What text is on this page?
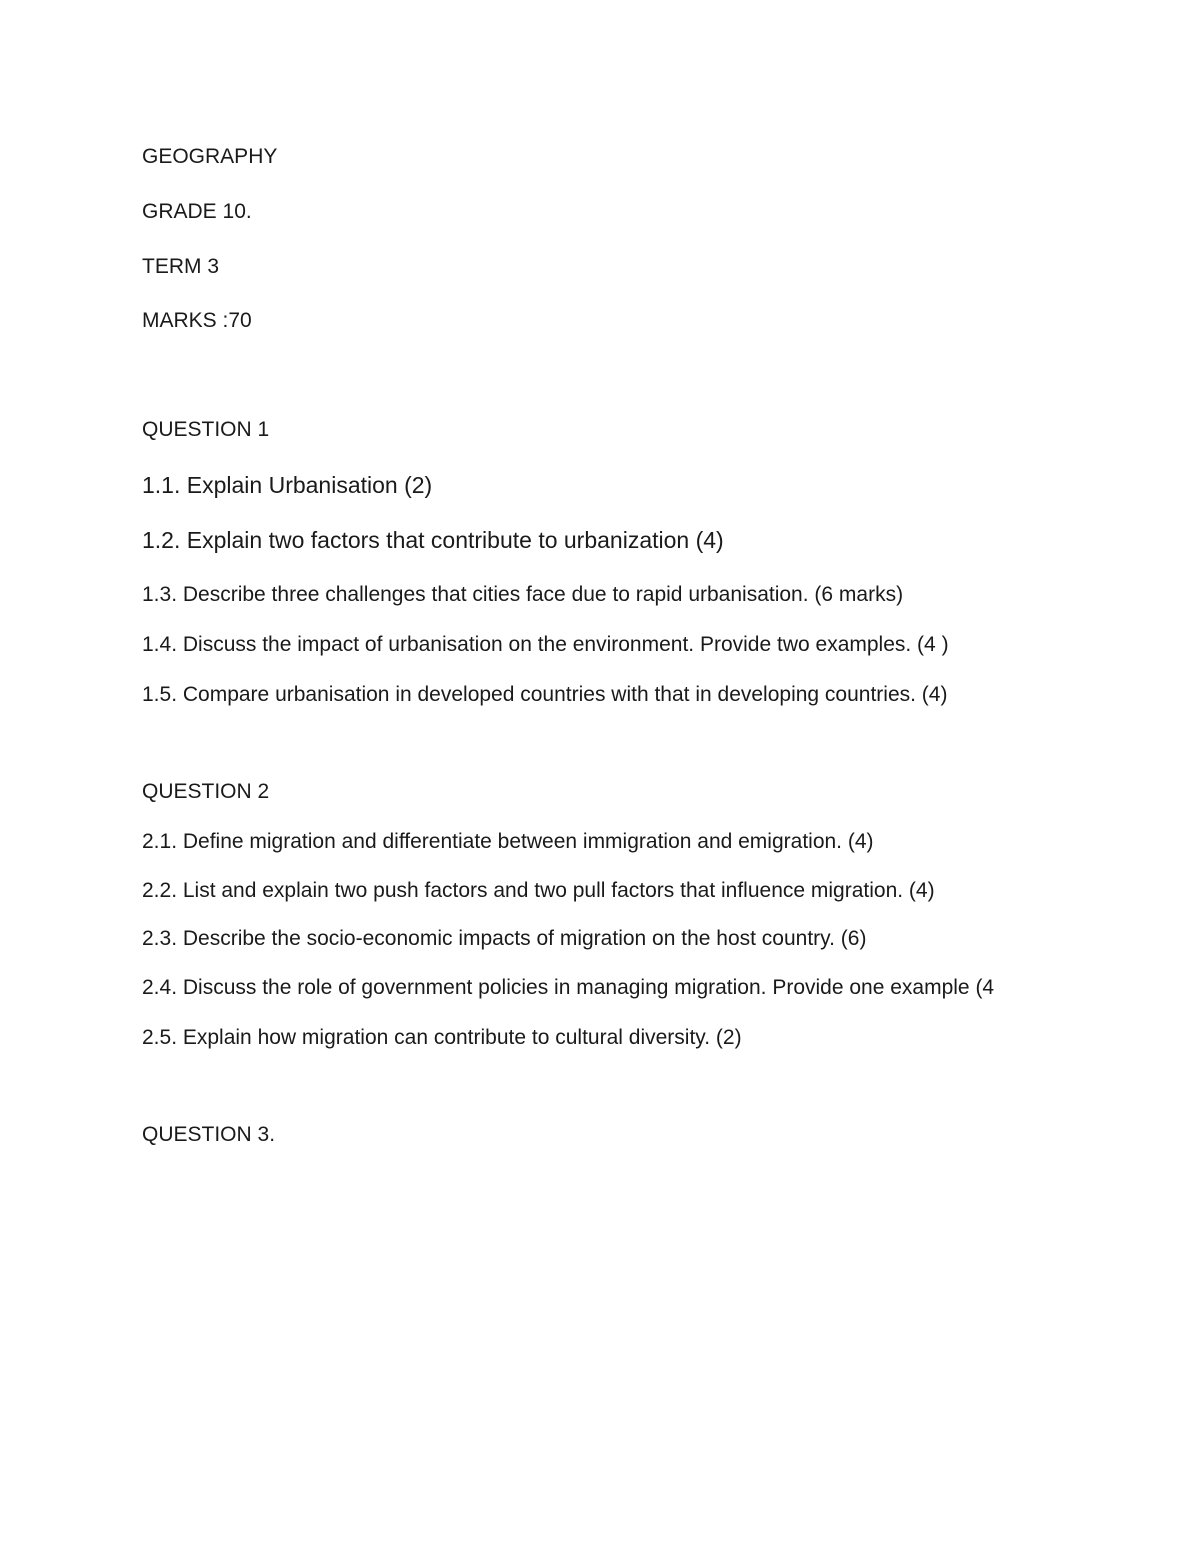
GEOGRAPHY

GRADE 10.

TERM 3

MARKS :70

QUESTION 1

1.1. Explain Urbanisation (2)

1.2. Explain two factors that contribute to urbanization (4)

1.3. Describe three challenges that cities face due to rapid urbanisation. (6 marks)

1.4. Discuss the impact of urbanisation on the environment. Provide two examples. (4 )

1.5. Compare urbanisation in developed countries with that in developing countries. (4)

QUESTION 2

2.1. Define migration and differentiate between immigration and emigration. (4)

2.2. List and explain two push factors and two pull factors that influence migration. (4)

2.3. Describe the socio-economic impacts of migration on the host country. (6)

2.4. Discuss the role of government policies in managing migration. Provide one example (4

2.5. Explain how migration can contribute to cultural diversity. (2)

QUESTION 3.
